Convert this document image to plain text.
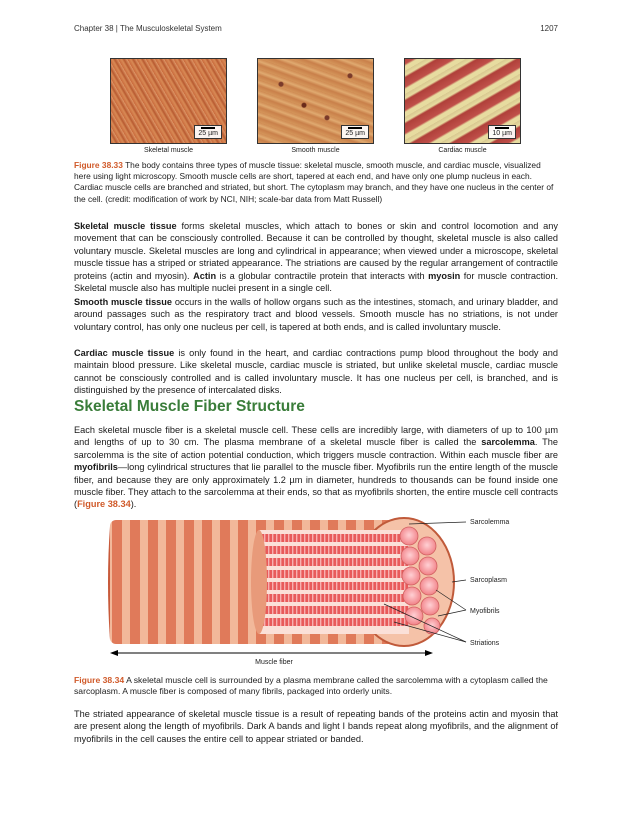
Chapter 38 | The Musculoskeletal System	1207
25 µm
Skeletal muscle
25 µm
Smooth muscle
10 µm
Cardiac muscle
Figure 38.33 The body contains three types of muscle tissue: skeletal muscle, smooth muscle, and cardiac muscle, visualized here using light microscopy. Smooth muscle cells are short, tapered at each end, and have only one plump nucleus in each. Cardiac muscle cells are branched and striated, but short. The cytoplasm may branch, and they have one nucleus in the center of the cell. (credit: modification of work by NCI, NIH; scale-bar data from Matt Russell)

Skeletal muscle tissue forms skeletal muscles, which attach to bones or skin and control locomotion and any movement that can be consciously controlled. Because it can be controlled by thought, skeletal muscle is also called voluntary muscle. Skeletal muscles are long and cylindrical in appearance; when viewed under a microscope, skeletal muscle tissue has a striped or striated appearance. The striations are caused by the regular arrangement of contractile proteins (actin and myosin). Actin is a globular contractile protein that interacts with myosin for muscle contraction. Skeletal muscle also has multiple nuclei present in a single cell.

Smooth muscle tissue occurs in the walls of hollow organs such as the intestines, stomach, and urinary bladder, and around passages such as the respiratory tract and blood vessels. Smooth muscle has no striations, is not under voluntary control, has only one nucleus per cell, is tapered at both ends, and is called involuntary muscle.

Cardiac muscle tissue is only found in the heart, and cardiac contractions pump blood throughout the body and maintain blood pressure. Like skeletal muscle, cardiac muscle is striated, but unlike skeletal muscle, cardiac muscle cannot be consciously controlled and is called involuntary muscle. It has one nucleus per cell, is branched, and is distinguished by the presence of intercalated disks.

Skeletal Muscle Fiber Structure

Each skeletal muscle fiber is a skeletal muscle cell. These cells are incredibly large, with diameters of up to 100 µm and lengths of up to 30 cm. The plasma membrane of a skeletal muscle fiber is called the sarcolemma. The sarcolemma is the site of action potential conduction, which triggers muscle contraction. Within each muscle fiber are myofibrils—long cylindrical structures that lie parallel to the muscle fiber. Myofibrils run the entire length of the muscle fiber, and because they are only approximately 1.2 µm in diameter, hundreds to thousands can be found inside one muscle fiber. They attach to the sarcolemma at their ends, so that as myofibrils shorten, the entire muscle cell contracts (Figure 38.34).

Sarcolemma
Sarcoplasm
Myofibrils
Striations
Muscle fiber
Figure 38.34 A skeletal muscle cell is surrounded by a plasma membrane called the sarcolemma with a cytoplasm called the sarcoplasm. A muscle fiber is composed of many fibrils, packaged into orderly units.

The striated appearance of skeletal muscle tissue is a result of repeating bands of the proteins actin and myosin that are present along the length of myofibrils. Dark A bands and light I bands repeat along myofibrils, and the alignment of myofibrils in the cell causes the entire cell to appear striated or banded.
